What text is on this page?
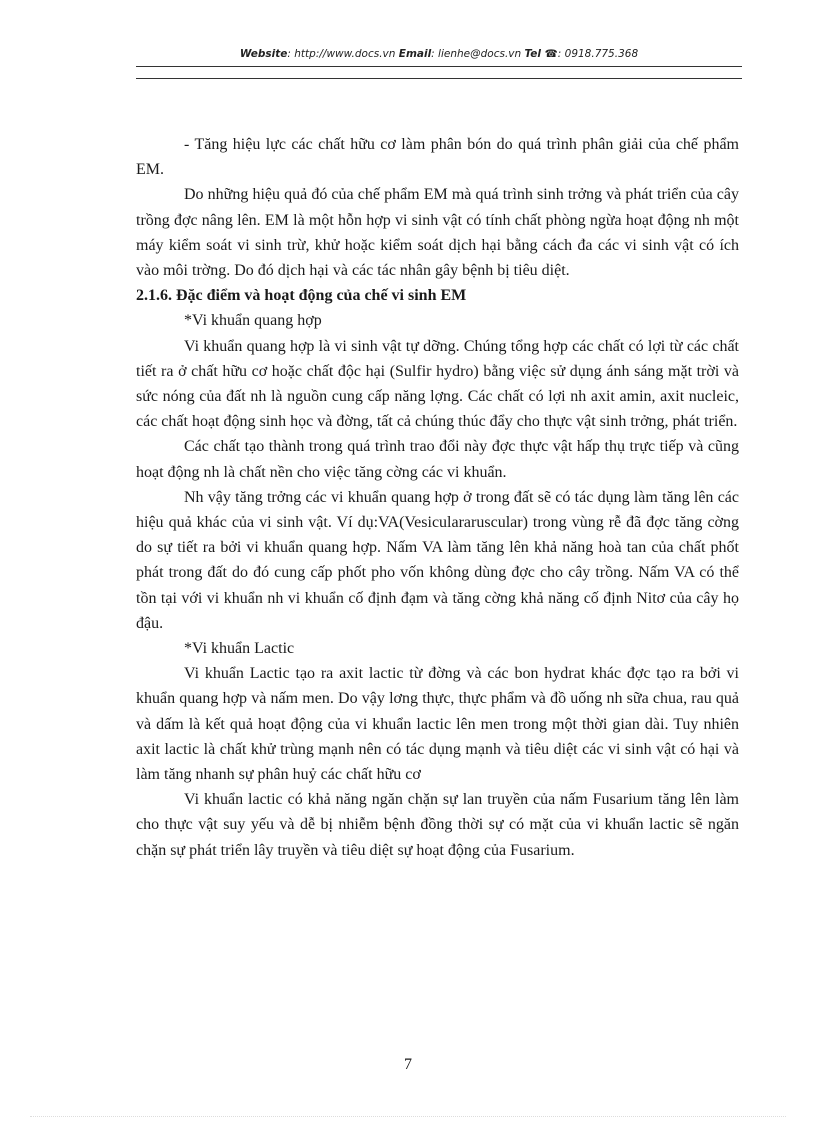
Website: http://www.docs.vn Email: lienhe@docs.vn Tel ☎: 0918.775.368

- Tăng hiệu lực các chất hữu cơ làm phân bón do quá trình phân giải của chế phẩm EM.

Do những hiệu quả đó của chế phẩm EM mà quá trình sinh trởng và phát triển của cây trồng đợc nâng lên. EM là một hỗn hợp vi sinh vật có tính chất phòng ngừa hoạt động nh một máy kiểm soát vi sinh trừ, khử hoặc kiểm soát dịch hại bằng cách đa các vi sinh vật có ích vào môi trờng. Do đó dịch hại và các tác nhân gây bệnh bị tiêu diệt.

2.1.6. Đặc điểm và hoạt động của chế vi sinh EM

*Vi khuẩn quang hợp

Vi khuẩn quang hợp là vi sinh vật tự dỡng. Chúng tổng hợp các chất có lợi từ các chất tiết ra ở chất hữu cơ hoặc chất độc hại (Sulfir hydro) bằng việc sử dụng ánh sáng mặt trời và sức nóng của đất nh là nguồn cung cấp năng lợng. Các chất có lợi nh axit amin, axit nucleic, các chất hoạt động sinh học và đờng, tất cả chúng thúc đẩy cho thực vật sinh trởng, phát triển.

Các chất tạo thành trong quá trình trao đổi này đợc thực vật hấp thụ trực tiếp và cũng hoạt động nh là chất nền cho việc tăng cờng các vi khuẩn.

Nh vậy tăng trởng các vi khuẩn quang hợp ở trong đất sẽ có tác dụng làm tăng lên các hiệu quả khác của vi sinh vật. Ví dụ:VA(Vesiculararuscular) trong vùng rễ đã đợc tăng cờng do sự tiết ra bởi vi khuẩn quang hợp. Nấm VA làm tăng lên khả năng hoà tan của chất phốt phát trong đất do đó cung cấp phốt pho vốn không dùng đợc cho cây trồng. Nấm VA có thể tồn tại với vi khuẩn nh vi khuẩn cố định đạm và tăng cờng khả năng cố định Nitơ của cây họ đậu.

*Vi khuẩn Lactic

Vi khuẩn Lactic tạo ra axit lactic từ đờng và các bon hydrat khác đợc tạo ra bởi vi khuẩn quang hợp và nấm men. Do vậy lơng thực, thực phẩm và đồ uống nh sữa chua, rau quả và dấm là kết quả hoạt động của vi khuẩn lactic lên men trong một thời gian dài. Tuy nhiên axit lactic là chất khử trùng mạnh nên có tác dụng mạnh và tiêu diệt các vi sinh vật có hại và làm tăng nhanh sự phân huỷ các chất hữu cơ

Vi khuẩn lactic có khả năng ngăn chặn sự lan truyền của nấm Fusarium tăng lên làm cho thực vật suy yếu và dễ bị nhiễm bệnh đồng thời sự có mặt của vi khuẩn lactic sẽ ngăn chặn sự phát triển lây truyền và tiêu diệt sự hoạt động của Fusarium.

7
